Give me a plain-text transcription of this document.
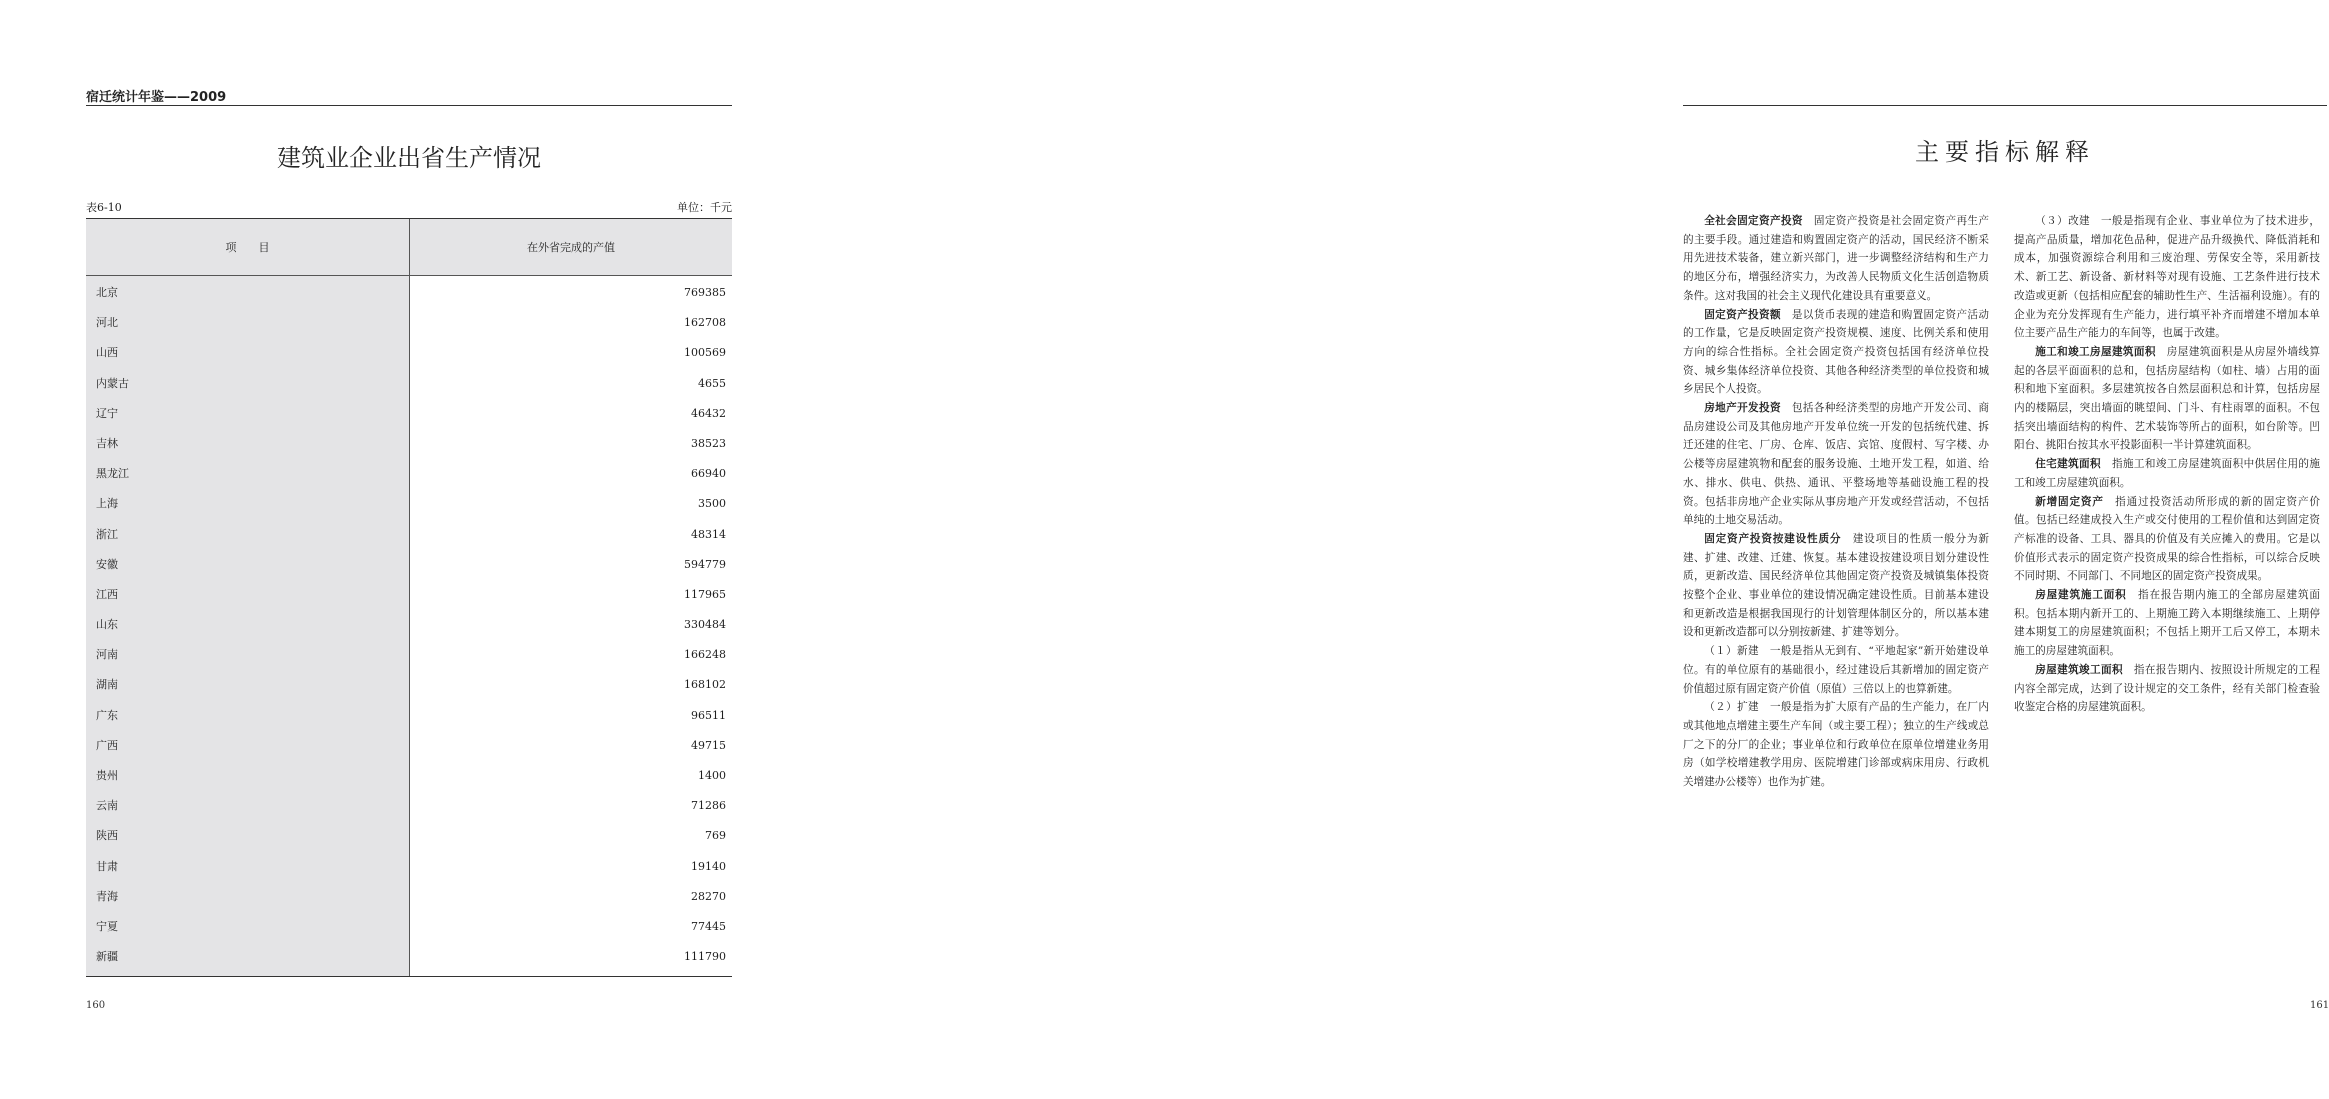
宿迁统计年鉴——2009
建筑业企业出省生产情况
表6-10	单位：千元
项　　目	在外省完成的产值
北京
河北
山西
内蒙古
辽宁
吉林
黑龙江
上海
浙江
安徽
江西
山东
河南
湖南
广东
广西
贵州
云南
陕西
甘肃
青海
宁夏
新疆
769385
162708
100569
4655
46432
38523
66940
3500
48314
594779
117965
330484
166248
168102
96511
49715
1400
71286
769
19140
28270
77445
111790
160
主要指标解释

全社会固定资产投资　固定资产投资是社会固定资产再生产的主要手段。通过建造和购置固定资产的活动，国民经济不断采用先进技术装备，建立新兴部门，进一步调整经济结构和生产力的地区分布，增强经济实力，为改善人民物质文化生活创造物质条件。这对我国的社会主义现代化建设具有重要意义。

固定资产投资额　是以货币表现的建造和购置固定资产活动的工作量，它是反映固定资产投资规模、速度、比例关系和使用方向的综合性指标。全社会固定资产投资包括国有经济单位投资、城乡集体经济单位投资、其他各种经济类型的单位投资和城乡居民个人投资。

房地产开发投资　包括各种经济类型的房地产开发公司、商品房建设公司及其他房地产开发单位统一开发的包括统代建、拆迁还建的住宅、厂房、仓库、饭店、宾馆、度假村、写字楼、办公楼等房屋建筑物和配套的服务设施、土地开发工程，如道、给水、排水、供电、供热、通讯、平整场地等基础设施工程的投资。包括非房地产企业实际从事房地产开发或经营活动，不包括单纯的土地交易活动。

固定资产投资按建设性质分　建设项目的性质一般分为新建、扩建、改建、迁建、恢复。基本建设按建设项目划分建设性质，更新改造、国民经济单位其他固定资产投资及城镇集体投资按整个企业、事业单位的建设情况确定建设性质。目前基本建设和更新改造是根据我国现行的计划管理体制区分的，所以基本建设和更新改造都可以分别按新建、扩建等划分。

（１）新建　一般是指从无到有、“平地起家”新开始建设单位。有的单位原有的基础很小，经过建设后其新增加的固定资产价值超过原有固定资产价值（原值）三倍以上的也算新建。

（２）扩建　一般是指为扩大原有产品的生产能力，在厂内或其他地点增建主要生产车间（或主要工程）；独立的生产线或总厂之下的分厂的企业；事业单位和行政单位在原单位增建业务用房（如学校增建教学用房、医院增建门诊部或病床用房、行政机关增建办公楼等）也作为扩建。

（３）改建　一般是指现有企业、事业单位为了技术进步，提高产品质量，增加花色品种，促进产品升级换代、降低消耗和成本，加强资源综合利用和三废治理、劳保安全等，采用新技术、新工艺、新设备、新材料等对现有设施、工艺条件进行技术改造或更新（包括相应配套的辅助性生产、生活福利设施）。有的企业为充分发挥现有生产能力，进行填平补齐而增建不增加本单位主要产品生产能力的车间等，也属于改建。

施工和竣工房屋建筑面积　房屋建筑面积是从房屋外墙线算起的各层平面面积的总和，包括房屋结构（如柱、墙）占用的面积和地下室面积。多层建筑按各自然层面积总和计算，包括房屋内的楼隔层，突出墙面的眺望间、门斗、有柱雨罩的面积。不包括突出墙面结构的构件、艺术装饰等所占的面积，如台阶等。凹阳台、挑阳台按其水平投影面积一半计算建筑面积。

住宅建筑面积　指施工和竣工房屋建筑面积中供居住用的施工和竣工房屋建筑面积。

新增固定资产　指通过投资活动所形成的新的固定资产价值。包括已经建成投入生产或交付使用的工程价值和达到固定资产标准的设备、工具、器具的价值及有关应摊入的费用。它是以价值形式表示的固定资产投资成果的综合性指标，可以综合反映不同时期、不同部门、不同地区的固定资产投资成果。

房屋建筑施工面积　指在报告期内施工的全部房屋建筑面积。包括本期内新开工的、上期施工跨入本期继续施工、上期停建本期复工的房屋建筑面积；不包括上期开工后又停工，本期未施工的房屋建筑面积。

房屋建筑竣工面积　指在报告期内、按照设计所规定的工程内容全部完成，达到了设计规定的交工条件，经有关部门检查验收鉴定合格的房屋建筑面积。

161
